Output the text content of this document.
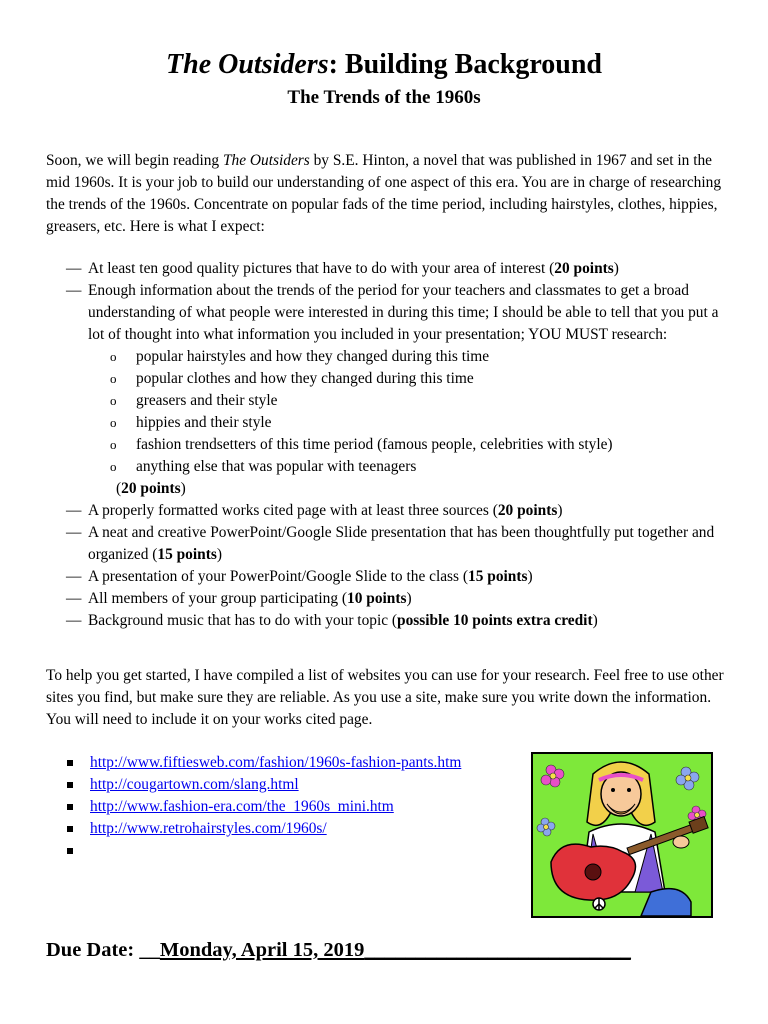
The Outsiders: Building Background
The Trends of the 1960s

Soon, we will begin reading The Outsiders by S.E. Hinton, a novel that was published in 1967 and set in the mid 1960s. It is your job to build our understanding of one aspect of this era. You are in charge of researching the trends of the 1960s. Concentrate on popular fads of the time period, including hairstyles, clothes, hippies, greasers, etc. Here is what I expect:

— At least ten good quality pictures that have to do with your area of interest (20 points)
— Enough information about the trends of the period for your teachers and classmates to get a broad understanding of what people were interested in during this time; I should be able to tell that you put a lot of thought into what information you included in your presentation; YOU MUST research:
o popular hairstyles and how they changed during this time
o popular clothes and how they changed during this time
o greasers and their style
o hippies and their style
o fashion trendsetters of this time period (famous people, celebrities with style)
o anything else that was popular with teenagers
(20 points)
— A properly formatted works cited page with at least three sources (20 points)
— A neat and creative PowerPoint/Google Slide presentation that has been thoughtfully put together and organized (15 points)
— A presentation of your PowerPoint/Google Slide to the class (15 points)
— All members of your group participating (10 points)
— Background music that has to do with your topic (possible 10 points extra credit)

To help you get started, I have compiled a list of websites you can use for your research. Feel free to use other sites you find, but make sure they are reliable. As you use a site, make sure you write down the information. You will need to include it on your works cited page.

http://www.fiftiesweb.com/fashion/1960s-fashion-pants.htm
http://cougartown.com/slang.html
http://www.fashion-era.com/the_1960s_mini.htm
http://www.retrohairstyles.com/1960s/
Due Date: __Monday, April 15, 2019__________________________
